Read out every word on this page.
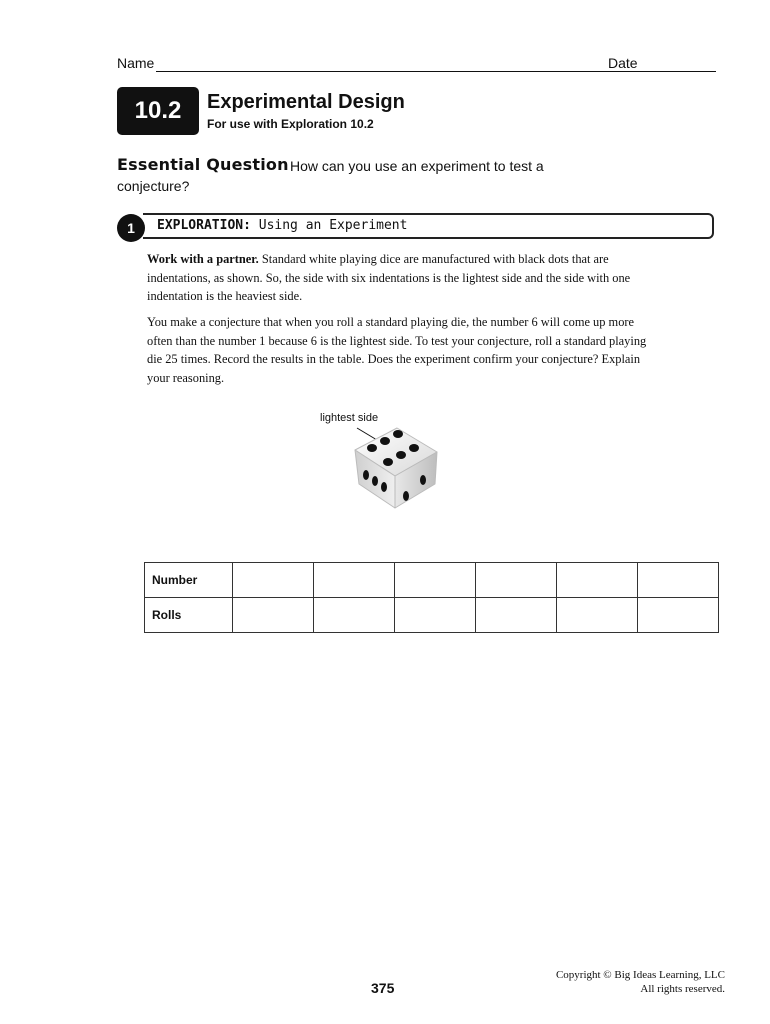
Name	Date
10.2	Experimental Design
For use with Exploration 10.2
Essential Question How can you use an experiment to test a
conjecture?
1	EXPLORATION: Using an Experiment
Work with a partner. Standard white playing dice are manufactured with black dots that are indentations, as shown. So, the side with six indentations is the lightest side and the side with one indentation is the heaviest side.
You make a conjecture that when you roll a standard playing die, the number 6 will come up more often than the number 1 because 6 is the lightest side. To test your conjecture, roll a standard playing die 25 times. Record the results in the table. Does the experiment confirm your conjecture? Explain your reasoning.
lightest side
Number						
Rolls						
375
Copyright © Big Ideas Learning, LLC
All rights reserved.
